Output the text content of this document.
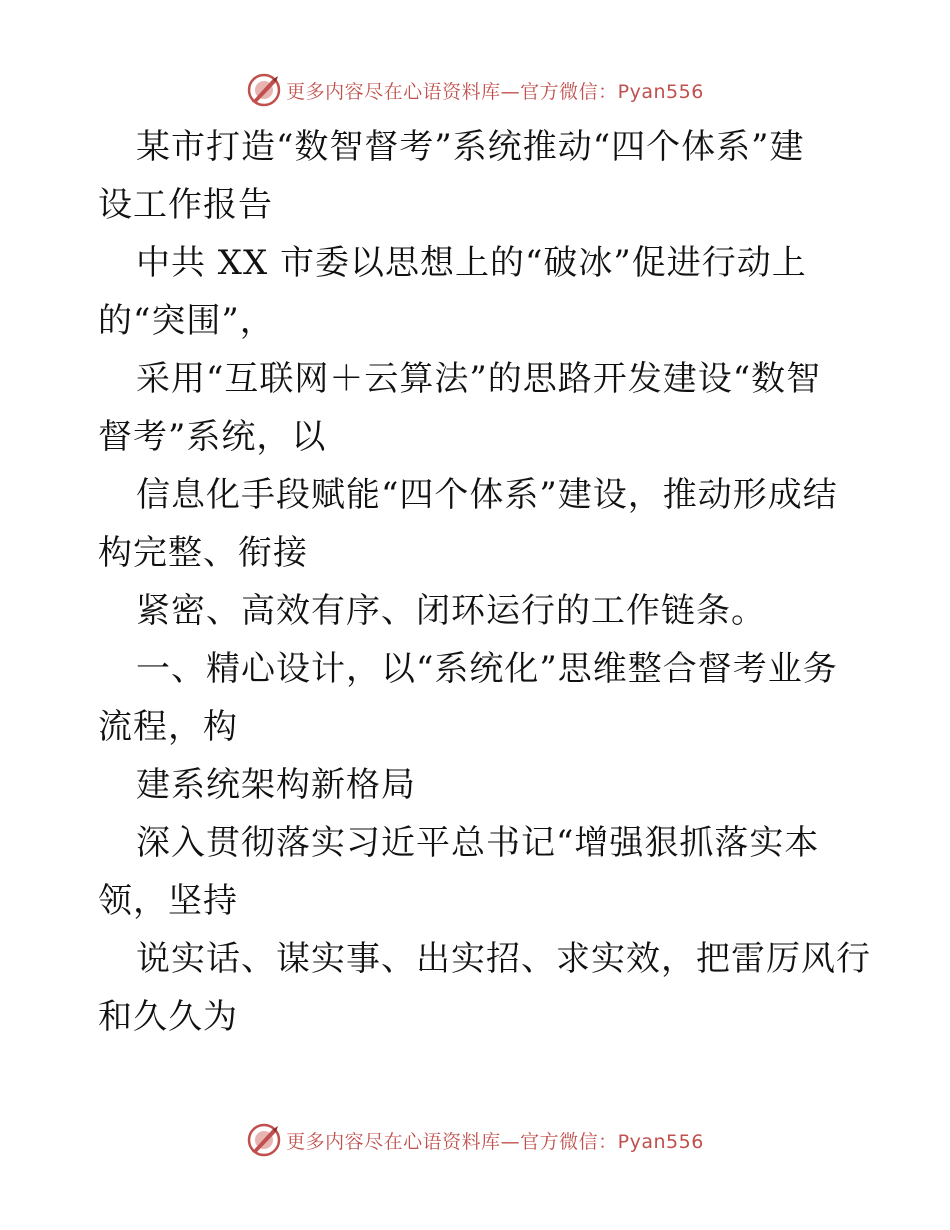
更多内容尽在心语资料库—官方微信：Pyan556
某市打造“数智督考”系统推动“四个体系”建
设工作报告
中共 XX 市委以思想上的“破冰”促进行动上
的“突围”，
采用“互联网＋云算法”的思路开发建设“数智
督考”系统，以
信息化手段赋能“四个体系”建设，推动形成结
构完整、衔接
紧密、高效有序、闭环运行的工作链条。
一、精心设计，以“系统化”思维整合督考业务
流程，构
建系统架构新格局
深入贯彻落实习近平总书记“增强狠抓落实本
领，坚持
说实话、谋实事、出实招、求实效，把雷厉风行
和久久为
更多内容尽在心语资料库—官方微信：Pyan556
